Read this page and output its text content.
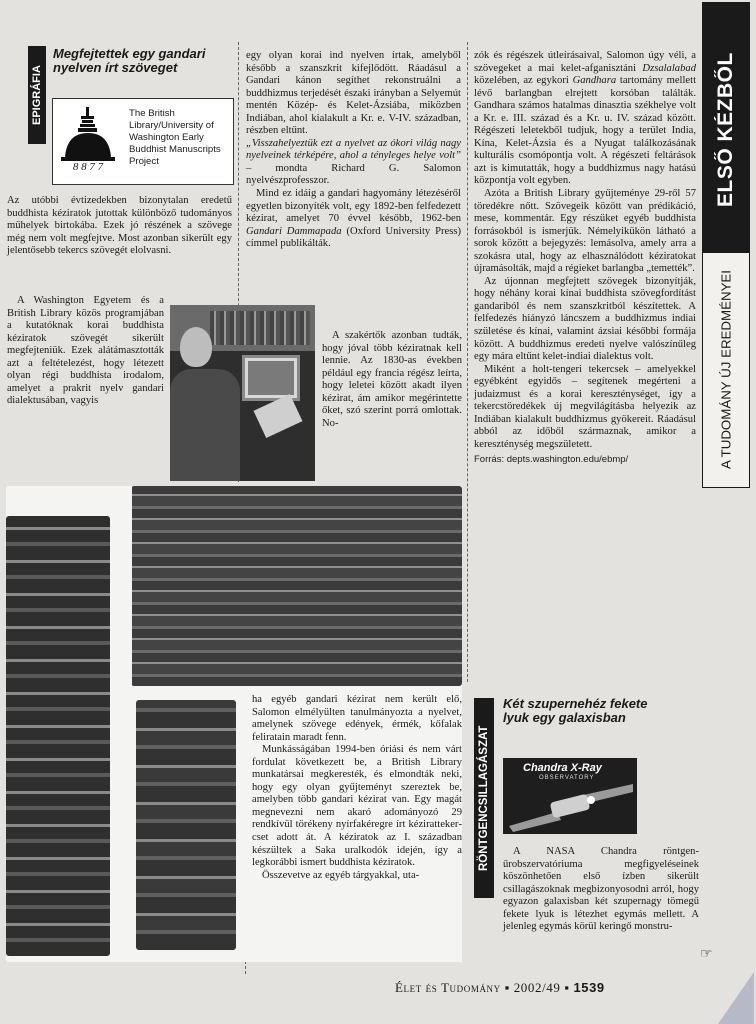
ELSŐ KÉZBŐL
A TUDOMÁNY ÚJ EREDMÉNYEI
EPIGRÁFIA
Megfejtettek egy gandari nyelven írt szöveget
8 8 7 7
The British Library/University of Washington Early Buddhist Manuscripts Project

Az utóbbi évtizedekben bizonytalan eredetű buddhista kéziratok jutottak különböző tudományos műhelyek birtokába. Ezek jó részének a szövege még nem volt megfejtve. Most azonban sikerült egy jelentősebb tekercs szövegét elolvasni.

A Washington Egyetem és a British Library közös programjában a kutatóknak korai buddhista kéziratok szövegét sikerült megfejteniük. Ezek alátámasztották azt a feltételezést, hogy létezett olyan régi buddhista irodalom, amelyet a prakrit nyelv gandari dialektusában, vagyis

egy olyan korai ind nyelven írtak, amelyből később a szanszkrit kifejlődött. Ráadásul a Gandari kánon segíthet rekonstruálni a buddhizmus terjedését északi irányban a Selyemút mentén Közép- és Kelet-Ázsiába, miközben Indiában, ahol kialakult a Kr. e. V-IV. században, részben eltűnt.

„Visszahelyeztük ezt a nyelvet az ókori világ nagy nyelveinek térképére, ahol a tényleges helye volt” – mondta Richard G. Salomon nyelvészprofesszor.

Mind ez idáig a gandari hagyomány létezéséről egyetlen bizonyíték volt, egy 1892-ben felfedezett kézirat, amelyet 70 évvel később, 1962-ben Gandari Dammapada (Oxford University Press) címmel publikálták.

A szakértők azonban tudták, hogy jóval több kéziratnak kell lennie. Az 1830-as években például egy francia régész leírta, hogy leletei között akadt ilyen kézirat, ám amikor megérintette őket, szó szerint porrá omlottak. No-

zók és régészek útleírásaival, Salomon úgy véli, a szövegeket a mai kelet-afganisztáni Dzsalalabad közelében, az egykori Gandhara tartomány mellett lévő barlangban elrejtett korsóban találták. Gandhara számos hatalmas dinasztia székhelye volt a Kr. e. III. század és a Kr. u. IV. század között. Régészeti leletekből tudjuk, hogy a terület India, Kína, Kelet-Ázsia és a Nyugat találkozásának kulturális csomópontja volt. A régészeti feltárások azt is kimutatták, hogy a buddhizmus nagy hatású központja volt egyben.

Azóta a British Library gyűjteménye 29-ről 57 töredékre nőtt. Szövegeik között van prédikáció, mese, kommentár. Egy részüket egyéb buddhista forrásokból is ismerjük. Némelyikükön látható a sorok között a bejegyzés: lemásolva, amely arra a szokásra utal, hogy az elhasználódott kéziratokat újramásolták, majd a régieket barlangba „temették”.

Az újonnan megfejtett szövegek bizonyítják, hogy néhány korai kínai buddhista szövegfordítást gandariból és nem szanszkritból készítettek. A felfedezés hiányzó láncszem a buddhizmus indiai születése és kínai, valamint ázsiai későbbi formája között. A buddhizmus eredeti nyelve valószínűleg egy mára eltűnt kelet-indiai dialektus volt.

Miként a holt-tengeri tekercsek – amelyekkel egyébként egyidős – segítenek megérteni a judaizmust és a korai kereszténységet, így a tekercstöredékek új megvilágításba helyezik az Indiában kialakult buddhizmus gyökereit. Ráadásul abból az időből származnak, amikor a kereszténység megszületett.

Forrás: depts.washington.edu/ebmp/

ha egyéb gandari kézirat nem került elő, Salomon elmélyülten tanulmányozta a nyelvet, amelynek szövege edények, érmék, kőfalak feliratain maradt fenn.

Munkásságában 1994-ben óriási és nem várt fordulat következett be, a British Library munkatársai megkeresték, és elmondták neki, hogy egy olyan gyűjteményt szereztek be, amelyben több gandari kézirat van. Egy magát megnevezni nem akaró adományozó 29 rendkívül törékeny nyírfakéregre írt kézirattekercset adott át. A kéziratok az I. században készültek a Saka uralkodók idején, így a legkorábbi ismert buddhista kéziratok.

Összevetve az egyéb tárgyakkal, uta-

RÖNTGENCSILLAGÁSZAT
Két szupernehéz fekete lyuk egy galaxisban
Chandra X-Ray
OBSERVATORY

A NASA Chandra röntgen-űrobszervatóriuma megfigyeléseinek köszönhetően első ízben sikerült csillagászoknak megbizonyosodni arról, hogy egyazon galaxisban két szupernagy tömegű fekete lyuk is létezhet egymás mellett. A jelenleg egymás körül keringő monstru-

☞
Élet és Tudomány ▪ 2002/49 ▪ 1539
